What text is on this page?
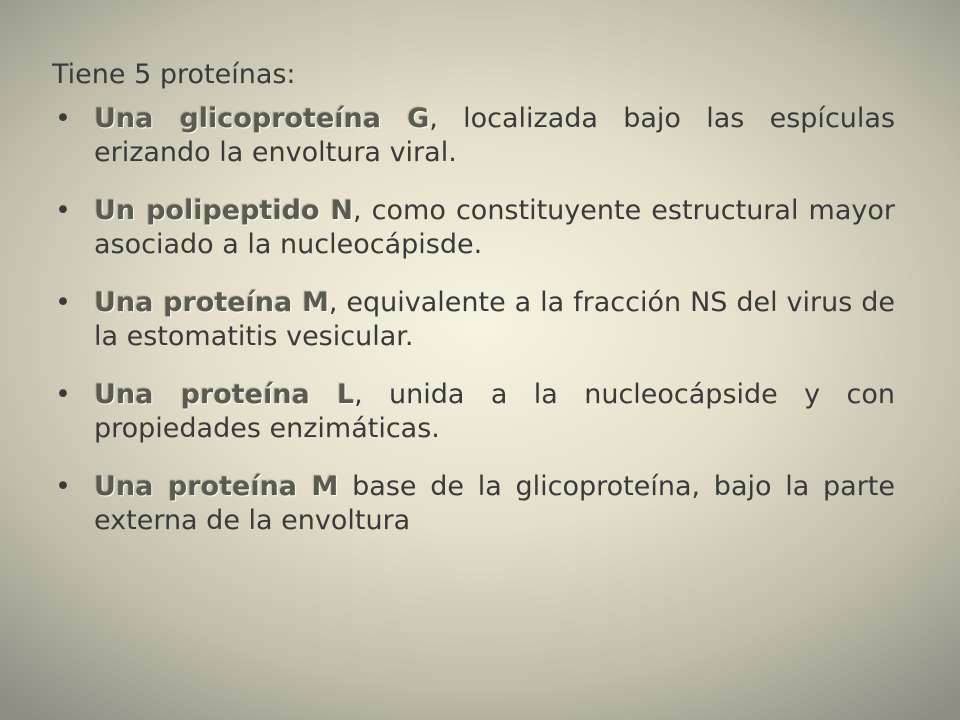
Tiene 5 proteínas:

• Una glicoproteína G, localizada bajo las espículas erizando la envoltura viral.
• Un polipeptido N, como constituyente estructural mayor asociado a la nucleocápisde.
• Una proteína M, equivalente a la fracción NS del virus de la estomatitis vesicular.
• Una proteína L, unida a la nucleocápside y con propiedades enzimáticas.
• Una proteína M base de la glicoproteína, bajo la parte externa de la envoltura
